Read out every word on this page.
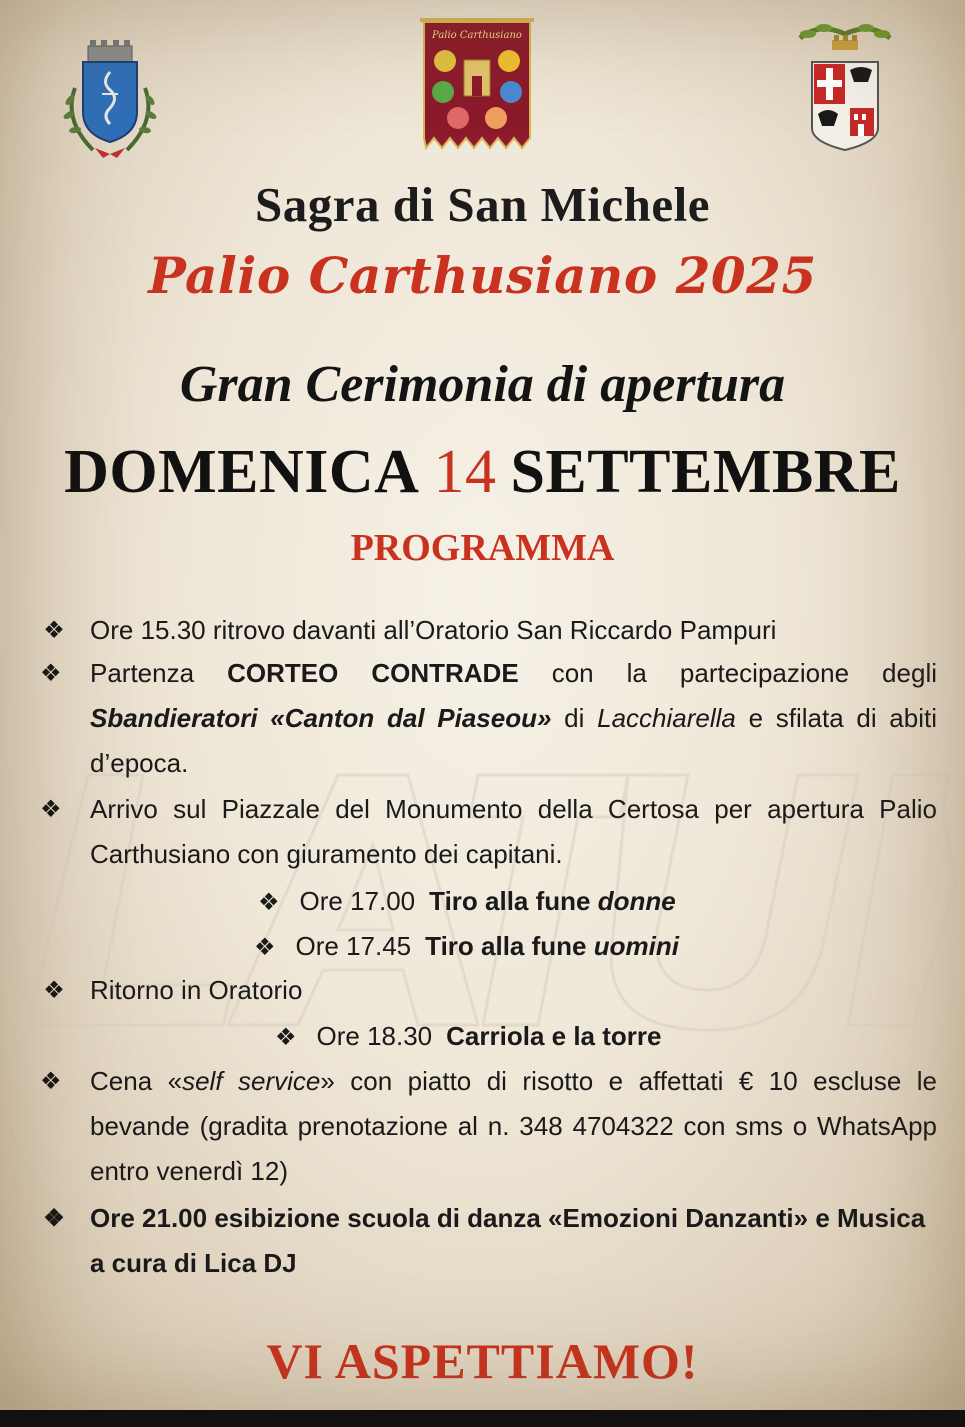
Palio Carthusiano
Sagra di San Michele
Palio Carthusiano 2025
Gran Cerimonia di apertura
DOMENICA 14 SETTEMBRE
PROGRAMMA
❖ Ore 15.30 ritrovo davanti all’Oratorio San Riccardo Pampuri
❖ Partenza CORTEO CONTRADE con la partecipazione degli Sbandieratori «Canton dal Piaseou» di Lacchiarella e sfilata di abiti d’epoca.
❖ Arrivo sul Piazzale del Monumento della Certosa per apertura Palio Carthusiano con giuramento dei capitani.
❖ Ore 17.00 Tiro alla fune donne
❖ Ore 17.45 Tiro alla fune uomini
❖ Ritorno in Oratorio
❖ Ore 18.30 Carriola e la torre
❖ Cena «self service» con piatto di risotto e affettati € 10 escluse le bevande (gradita prenotazione al n. 348 4704322 con sms o WhatsApp entro venerdì 12)
❖ Ore 21.00 esibizione scuola di danza «Emozioni Danzanti» e Musica a cura di Lica DJ
VI ASPETTIAMO!
